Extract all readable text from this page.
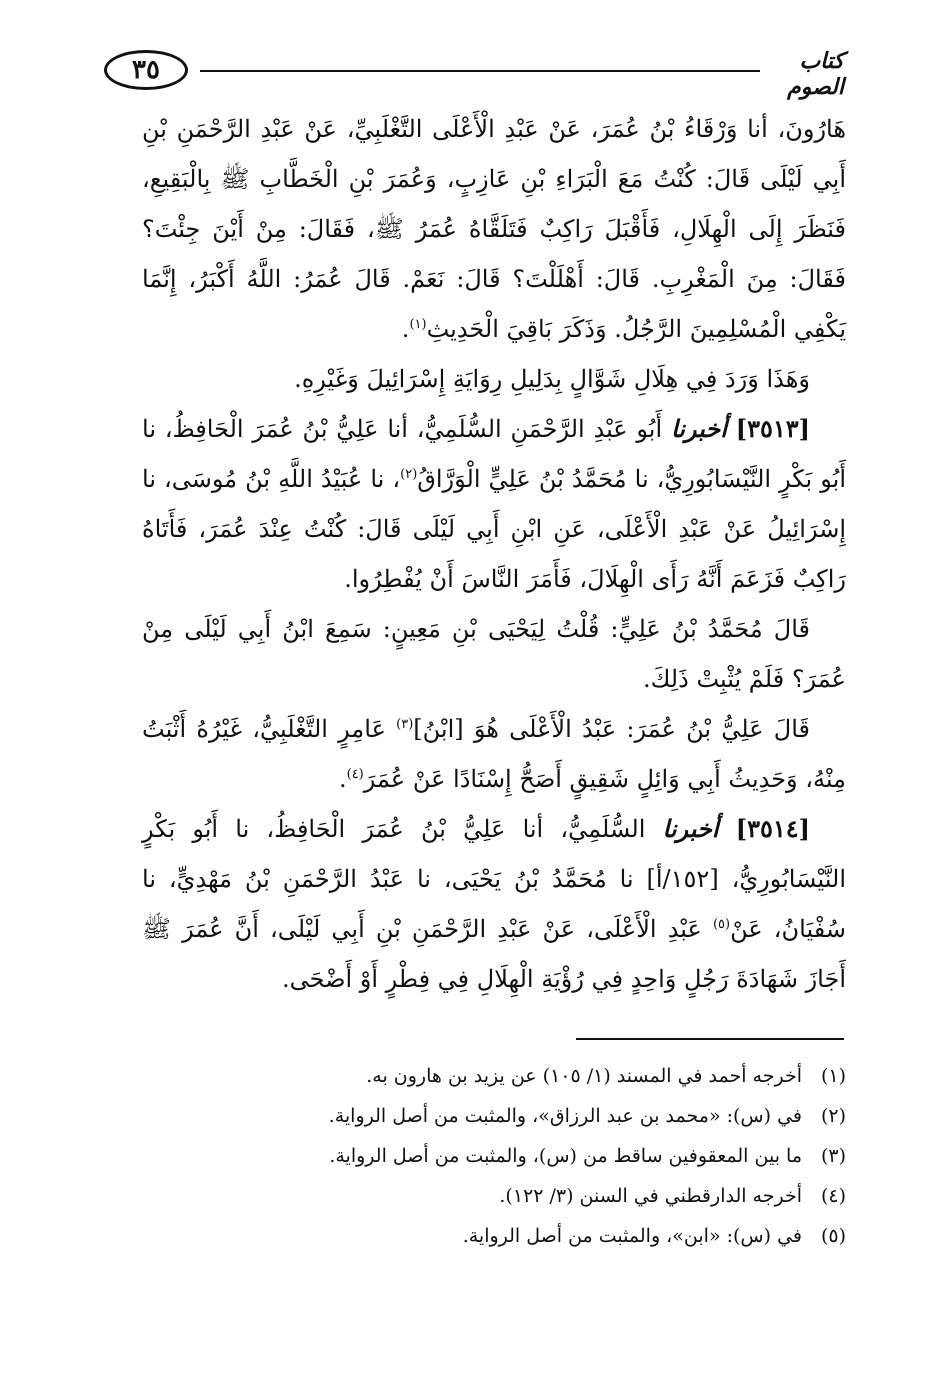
٣٥	كتاب الصوم

هَارُونَ، أنا وَرْقَاءُ بْنُ عُمَرَ، عَنْ عَبْدِ الْأَعْلَى التَّغْلَبِيِّ، عَنْ عَبْدِ الرَّحْمَنِ بْنِ أَبِي لَيْلَى قَالَ: كُنْتُ مَعَ الْبَرَاءِ بْنِ عَازِبٍ، وَعُمَرَ بْنِ الْخَطَّابِ ﷺ بِالْبَقِيعِ، فَنَظَرَ إِلَى الْهِلَالِ، فَأَقْبَلَ رَاكِبٌ فَتَلَقَّاهُ عُمَرُ ﷺ، فَقَالَ: مِنْ أَيْنَ جِئْتَ؟ فَقَالَ: مِنَ الْمَغْرِبِ. قَالَ: أَهْلَلْتَ؟ قَالَ: نَعَمْ. قَالَ عُمَرُ: اللَّهُ أَكْبَرُ، إِنَّمَا يَكْفِي الْمُسْلِمِينَ الرَّجُلُ. وَذَكَرَ بَاقِيَ الْحَدِيثِ$^{(١)}$.

وَهَذَا وَرَدَ فِي هِلَالِ شَوَّالٍ بِدَلِيلِ رِوَايَةِ إِسْرَائِيلَ وَغَيْرِهِ.

[٣٥١٣] أخبرنا أَبُو عَبْدِ الرَّحْمَنِ السُّلَمِيُّ، أنا عَلِيُّ بْنُ عُمَرَ الْحَافِظُ، نا أَبُو بَكْرٍ النَّيْسَابُورِيُّ، نا مُحَمَّدُ بْنُ عَلِيٍّ الْوَرَّاقُ$^{(٢)}$، نا عُبَيْدُ اللَّهِ بْنُ مُوسَى، نا إِسْرَائِيلُ عَنْ عَبْدِ الْأَعْلَى، عَنِ ابْنِ أَبِي لَيْلَى قَالَ: كُنْتُ عِنْدَ عُمَرَ، فَأَتَاهُ رَاكِبٌ فَزَعَمَ أَنَّهُ رَأَى الْهِلَالَ، فَأَمَرَ النَّاسَ أَنْ يُفْطِرُوا.

قَالَ مُحَمَّدُ بْنُ عَلِيٍّ: قُلْتُ لِيَحْيَى بْنِ مَعِينٍ: سَمِعَ ابْنُ أَبِي لَيْلَى مِنْ عُمَرَ؟ فَلَمْ يُثْبِتْ ذَلِكَ.

قَالَ عَلِيُّ بْنُ عُمَرَ: عَبْدُ الْأَعْلَى هُوَ [ابْنُ]$^{(٣)}$ عَامِرٍ التَّغْلَبِيُّ، غَيْرُهُ أَثْبَتُ مِنْهُ، وَحَدِيثُ أَبِي وَائِلٍ شَقِيقٍ أَصَحُّ إِسْنَادًا عَنْ عُمَرَ$^{(٤)}$.

[٣٥١٤] أخبرنا السُّلَمِيُّ، أنا عَلِيُّ بْنُ عُمَرَ الْحَافِظُ، نا أَبُو بَكْرٍ النَّيْسَابُورِيُّ، [١٥٢/أ] نا مُحَمَّدُ بْنُ يَحْيَى، نا عَبْدُ الرَّحْمَنِ بْنُ مَهْدِيٍّ، نا سُفْيَانُ، عَنْ$^{(٥)}$ عَبْدِ الْأَعْلَى، عَنْ عَبْدِ الرَّحْمَنِ بْنِ أَبِي لَيْلَى، أَنَّ عُمَرَ ﷺ أَجَازَ شَهَادَةَ رَجُلٍ وَاحِدٍ فِي رُؤْيَةِ الْهِلَالِ فِي فِطْرٍ أَوْ أَضْحَى.

(١)
أخرجه أحمد في المسند (١/ ١٠٥) عن يزيد بن هارون به.
(٢)
في (س): «محمد بن عبد الرزاق»، والمثبت من أصل الرواية.
(٣)
ما بين المعقوفين ساقط من (س)، والمثبت من أصل الرواية.
(٤)
أخرجه الدارقطني في السنن (٣/ ١٢٢).
(٥)
في (س): «ابن»، والمثبت من أصل الرواية.
